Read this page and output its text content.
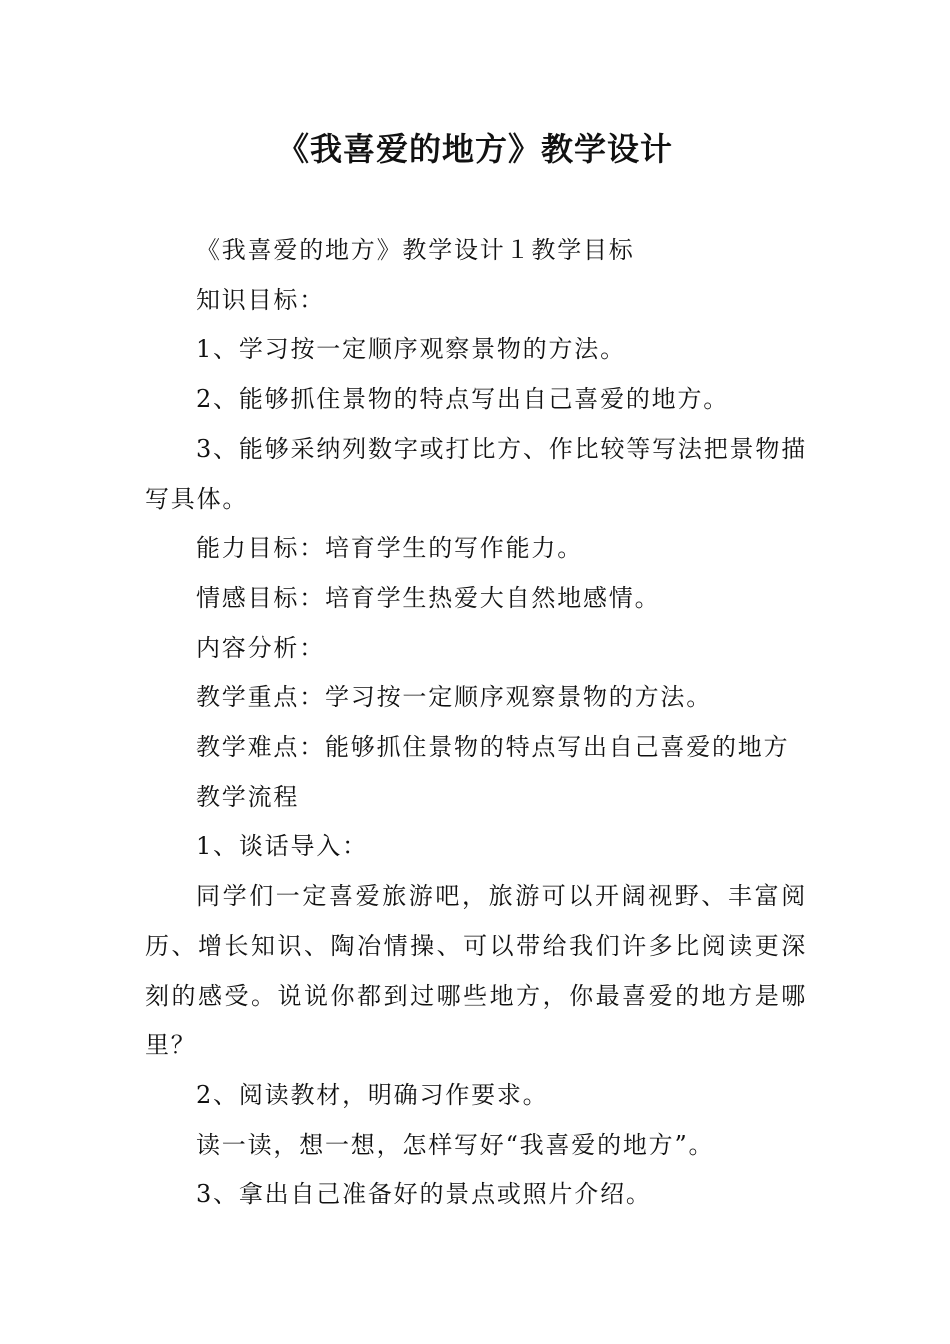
《我喜爱的地方》教学设计

《我喜爱的地方》教学设计１教学目标

知识目标：

1、学习按一定顺序观察景物的方法。

2、能够抓住景物的特点写出自己喜爱的地方。

3、能够采纳列数字或打比方、作比较等写法把景物描写具体。

能力目标：培育学生的写作能力。

情感目标：培育学生热爱大自然地感情。

内容分析：

教学重点：学习按一定顺序观察景物的方法。

教学难点：能够抓住景物的特点写出自己喜爱的地方

教学流程

1、谈话导入：

同学们一定喜爱旅游吧，旅游可以开阔视野、丰富阅历、增长知识、陶冶情操、可以带给我们许多比阅读更深刻的感受。说说你都到过哪些地方，你最喜爱的地方是哪里？

2、阅读教材，明确习作要求。

读一读，想一想，怎样写好“我喜爱的地方”。

3、拿出自己准备好的景点或照片介绍。
